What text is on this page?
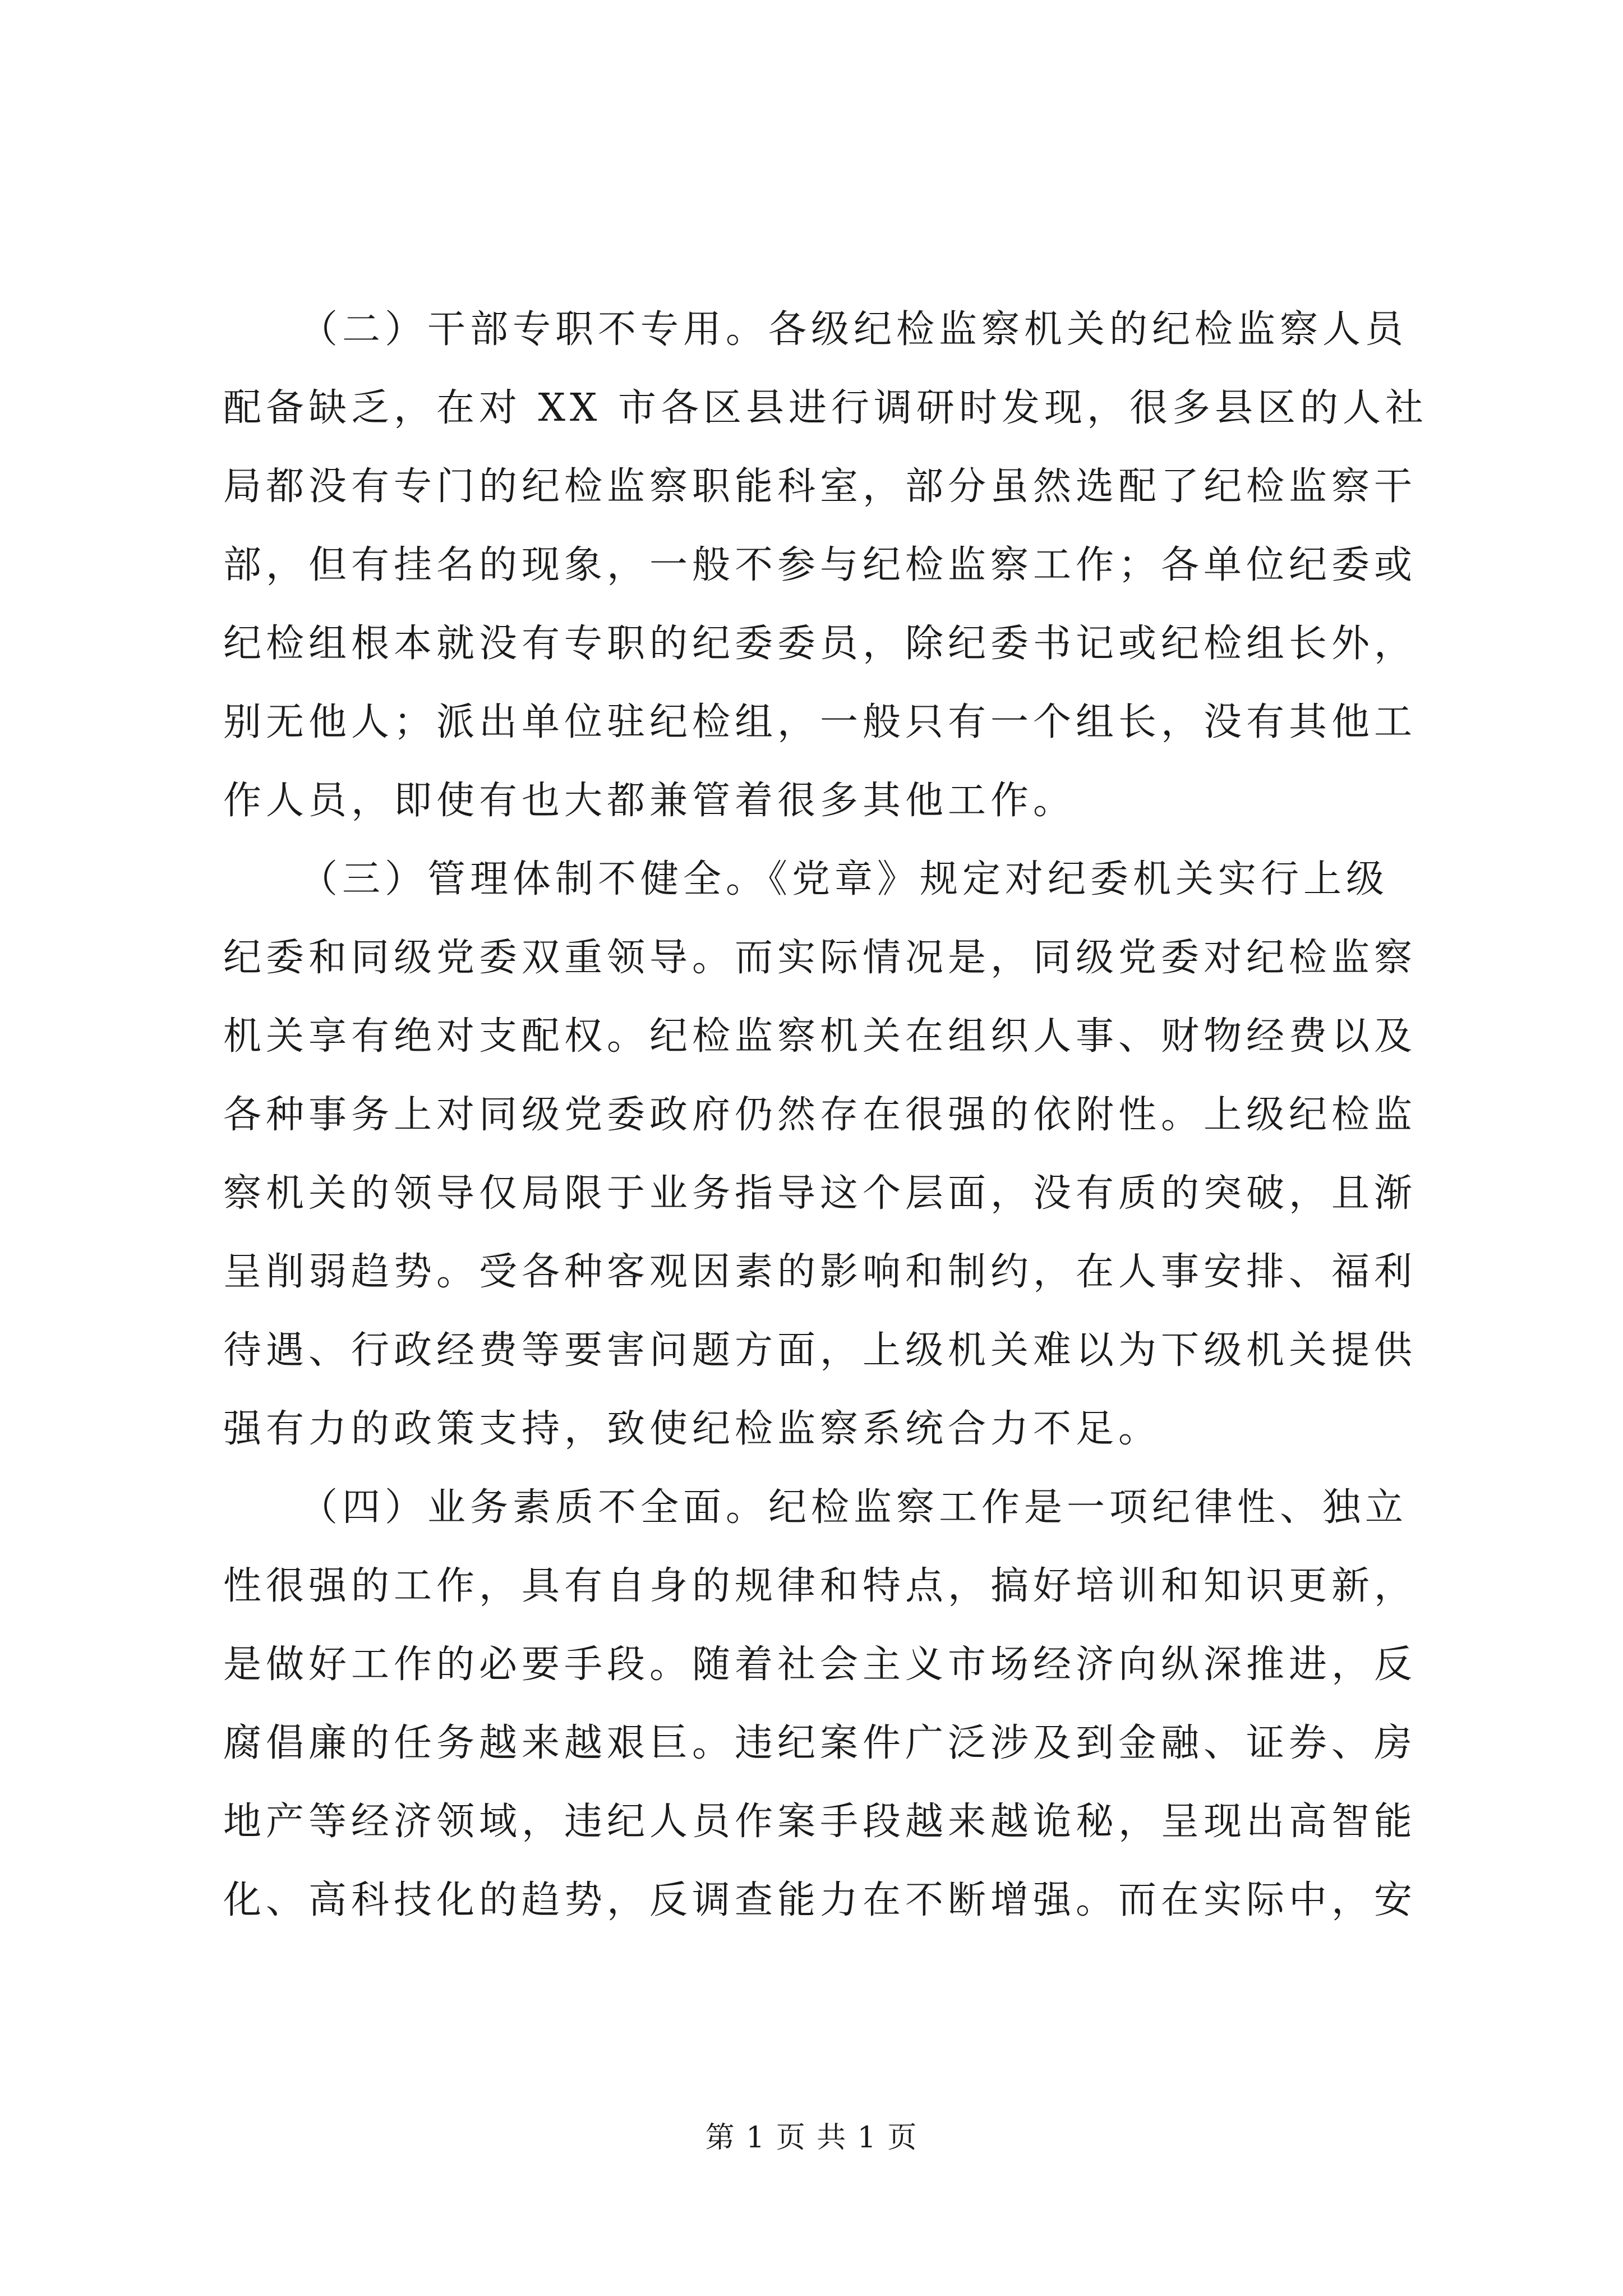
（二）干部专职不专用。各级纪检监察机关的纪检监察人员
配备缺乏，在对 XX 市各区县进行调研时发现，很多县区的人社
局都没有专门的纪检监察职能科室，部分虽然选配了纪检监察干
部，但有挂名的现象，一般不参与纪检监察工作；各单位纪委或
纪检组根本就没有专职的纪委委员，除纪委书记或纪检组长外，
别无他人；派出单位驻纪检组，一般只有一个组长，没有其他工
作人员，即使有也大都兼管着很多其他工作。

（三）管理体制不健全。《党章》规定对纪委机关实行上级
纪委和同级党委双重领导。而实际情况是，同级党委对纪检监察
机关享有绝对支配权。纪检监察机关在组织人事、财物经费以及
各种事务上对同级党委政府仍然存在很强的依附性。上级纪检监
察机关的领导仅局限于业务指导这个层面，没有质的突破，且渐
呈削弱趋势。受各种客观因素的影响和制约，在人事安排、福利
待遇、行政经费等要害问题方面，上级机关难以为下级机关提供
强有力的政策支持，致使纪检监察系统合力不足。

（四）业务素质不全面。纪检监察工作是一项纪律性、独立
性很强的工作，具有自身的规律和特点，搞好培训和知识更新，
是做好工作的必要手段。随着社会主义市场经济向纵深推进，反
腐倡廉的任务越来越艰巨。违纪案件广泛涉及到金融、证券、房
地产等经济领域，违纪人员作案手段越来越诡秘，呈现出高智能
化、高科技化的趋势，反调查能力在不断增强。而在实际中，安

第 1 页 共 1 页
